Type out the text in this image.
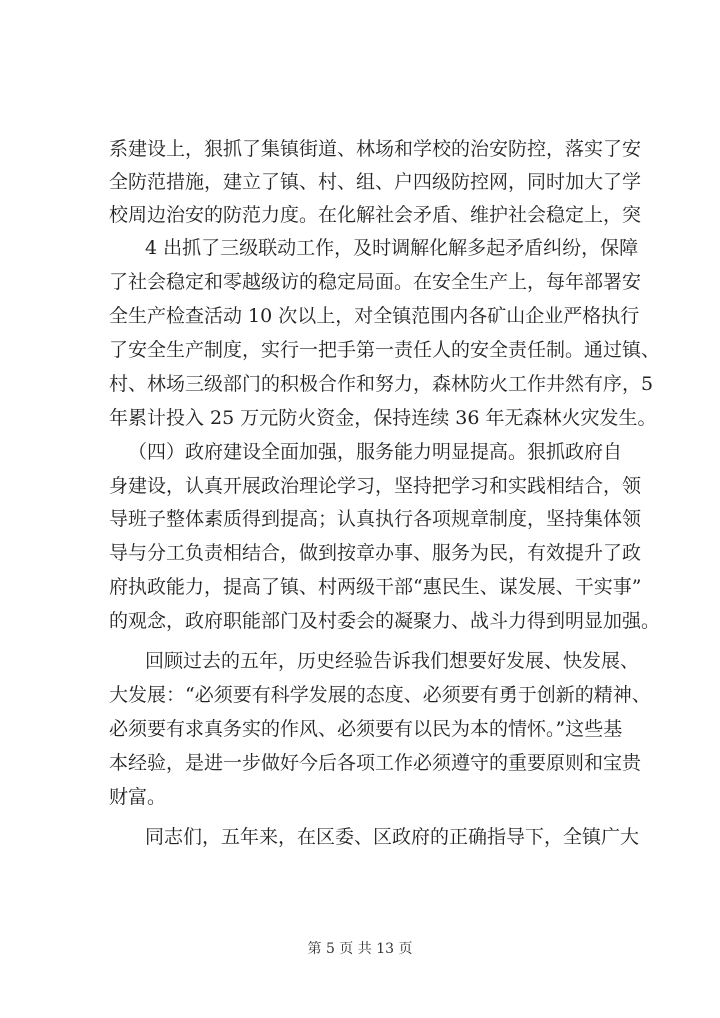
系建设上，狠抓了集镇街道、林场和学校的治安防控，落实了安
全防范措施，建立了镇、村、组、户四级防控网，同时加大了学
校周边治安的防范力度。在化解社会矛盾、维护社会稳定上，突
4 出抓了三级联动工作，及时调解化解多起矛盾纠纷，保障
了社会稳定和零越级访的稳定局面。在安全生产上，每年部署安
全生产检查活动 10 次以上，对全镇范围内各矿山企业严格执行
了安全生产制度，实行一把手第一责任人的安全责任制。通过镇、
村、林场三级部门的积极合作和努力，森林防火工作井然有序，5
年累计投入 25 万元防火资金，保持连续 36 年无森林火灾发生。
（四）政府建设全面加强，服务能力明显提高。狠抓政府自
身建设，认真开展政治理论学习，坚持把学习和实践相结合，领
导班子整体素质得到提高；认真执行各项规章制度，坚持集体领
导与分工负责相结合，做到按章办事、服务为民，有效提升了政
府执政能力，提高了镇、村两级干部“惠民生、谋发展、干实事”
的观念，政府职能部门及村委会的凝聚力、战斗力得到明显加强。
回顾过去的五年，历史经验告诉我们想要好发展、快发展、
大发展：“必须要有科学发展的态度、必须要有勇于创新的精神、
必须要有求真务实的作风、必须要有以民为本的情怀。”这些基
本经验，是进一步做好今后各项工作必须遵守的重要原则和宝贵
财富。
同志们，五年来，在区委、区政府的正确指导下，全镇广大
第 5 页 共 13 页
